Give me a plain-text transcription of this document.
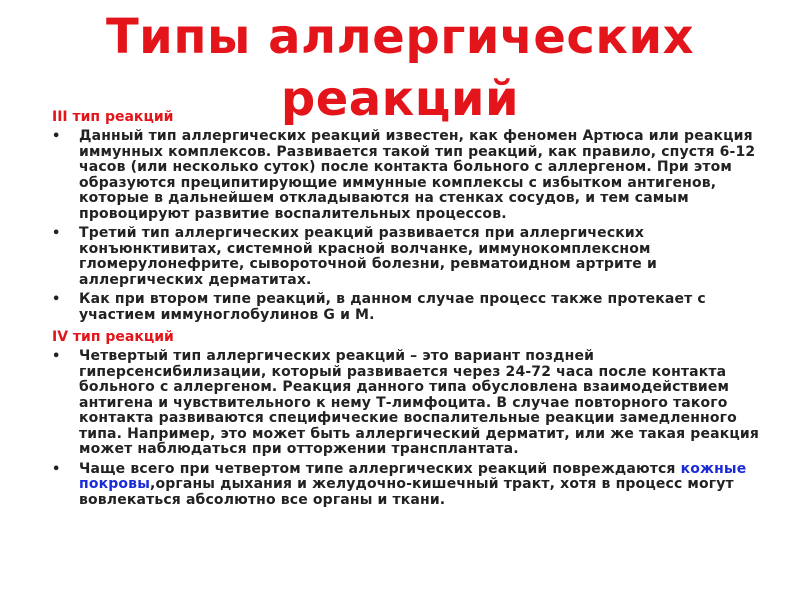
Типы аллергических реакций
III тип реакций
• Данный тип аллергических реакций известен, как феномен Артюса или реакция иммунных комплексов. Развивается такой тип реакций, как правило, спустя 6-12 часов (или несколько суток) после контакта больного с аллергеном. При этом образуются преципитирующие иммунные комплексы с избытком антигенов, которые в дальнейшем откладываются на стенках сосудов, и тем самым провоцируют развитие воспалительных процессов.
• Третий тип аллергических реакций развивается при аллергических конъюнктивитах, системной красной волчанке, иммунокомплексном гломерулонефрите, сывороточной болезни, ревматоидном артрите и аллергических дерматитах.
• Как при втором типе реакций, в данном случае процесс также протекает с участием иммуноглобулинов G и M.
IV тип реакций
• Четвертый тип аллергических реакций – это вариант поздней гиперсенсибилизации, который развивается через 24-72 часа после контакта больного с аллергеном. Реакция данного типа обусловлена взаимодействием антигена и чувствительного к нему Т-лимфоцита. В случае повторного такого контакта развиваются специфические воспалительные реакции замедленного типа. Например, это может быть аллергический дерматит, или же такая реакция может наблюдаться при отторжении трансплантата.
• Чаще всего при четвертом типе аллергических реакций повреждаются кожные покровы,органы дыхания и желудочно-кишечный тракт, хотя в процесс могут вовлекаться абсолютно все органы и ткани.
